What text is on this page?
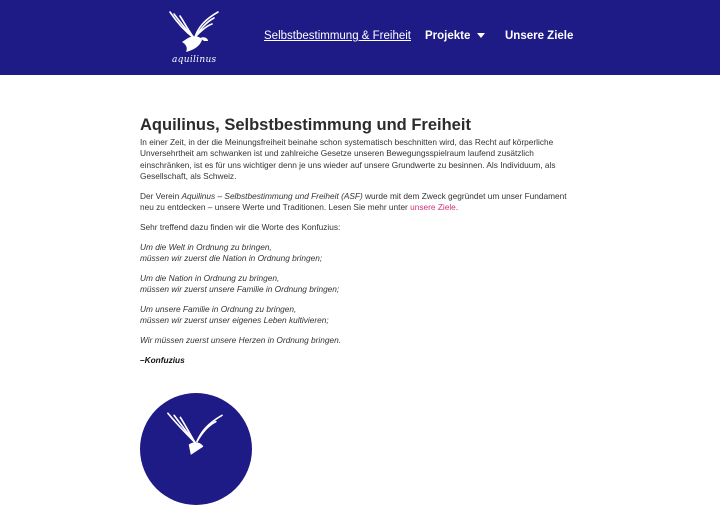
aquilinus
Selbstbestimmung & Freiheit Projekte	Unsere Ziele
Aquilinus, Selbstbestimmung und Freiheit

In einer Zeit, in der die Meinungsfreiheit beinahe schon systematisch beschnitten wird, das Recht auf körperliche Unversehrtheit am schwanken ist und zahlreiche Gesetze unseren Bewegungsspielraum laufend zusätzlich einschränken, ist es für uns wichtiger denn je uns wieder auf unsere Grundwerte zu besinnen. Als Individuum, als Gesellschaft, als Schweiz.

Der Verein Aquilinus – Selbstbestimmung und Freiheit (ASF) wurde mit dem Zweck gegründet um unser Fundament neu zu entdecken – unsere Werte und Traditionen. Lesen Sie mehr unter unsere Ziele.

Sehr treffend dazu finden wir die Worte des Konfuzius:

Um die Welt in Ordnung zu bringen,
müssen wir zuerst die Nation in Ordnung bringen;

Um die Nation in Ordnung zu bringen,
müssen wir zuerst unsere Familie in Ordnung bringen;

Um unsere Familie in Ordnung zu bringen,
müssen wir zuerst unser eigenes Leben kultivieren;

Wir müssen zuerst unsere Herzen in Ordnung bringen.

–Konfuzius
